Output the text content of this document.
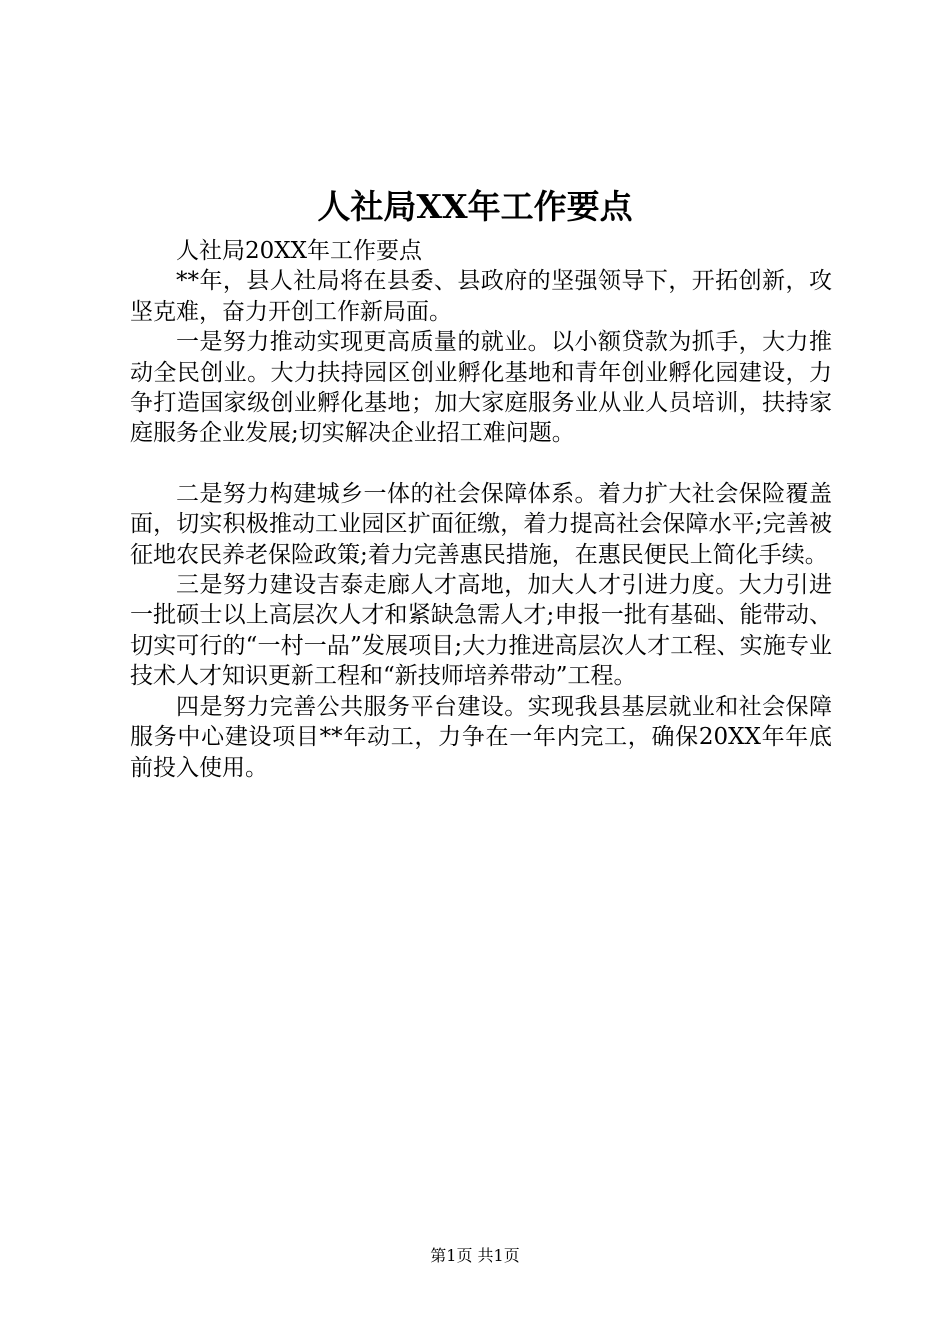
人社局XX年工作要点

人社局20XX年工作要点

**年，县人社局将在县委、县政府的坚强领导下，开拓创新，攻坚克难，奋力开创工作新局面。

一是努力推动实现更高质量的就业。以小额贷款为抓手，大力推动全民创业。大力扶持园区创业孵化基地和青年创业孵化园建设，力争打造国家级创业孵化基地；加大家庭服务业从业人员培训，扶持家庭服务企业发展;切实解决企业招工难问题。

二是努力构建城乡一体的社会保障体系。着力扩大社会保险覆盖面，切实积极推动工业园区扩面征缴，着力提高社会保障水平;完善被征地农民养老保险政策;着力完善惠民措施，在惠民便民上简化手续。

三是努力建设吉泰走廊人才高地，加大人才引进力度。大力引进一批硕士以上高层次人才和紧缺急需人才;申报一批有基础、能带动、切实可行的“一村一品”发展项目;大力推进高层次人才工程、实施专业技术人才知识更新工程和“新技师培养带动”工程。

四是努力完善公共服务平台建设。实现我县基层就业和社会保障服务中心建设项目**年动工，力争在一年内完工，确保20XX年年底前投入使用。

第1页 共1页
